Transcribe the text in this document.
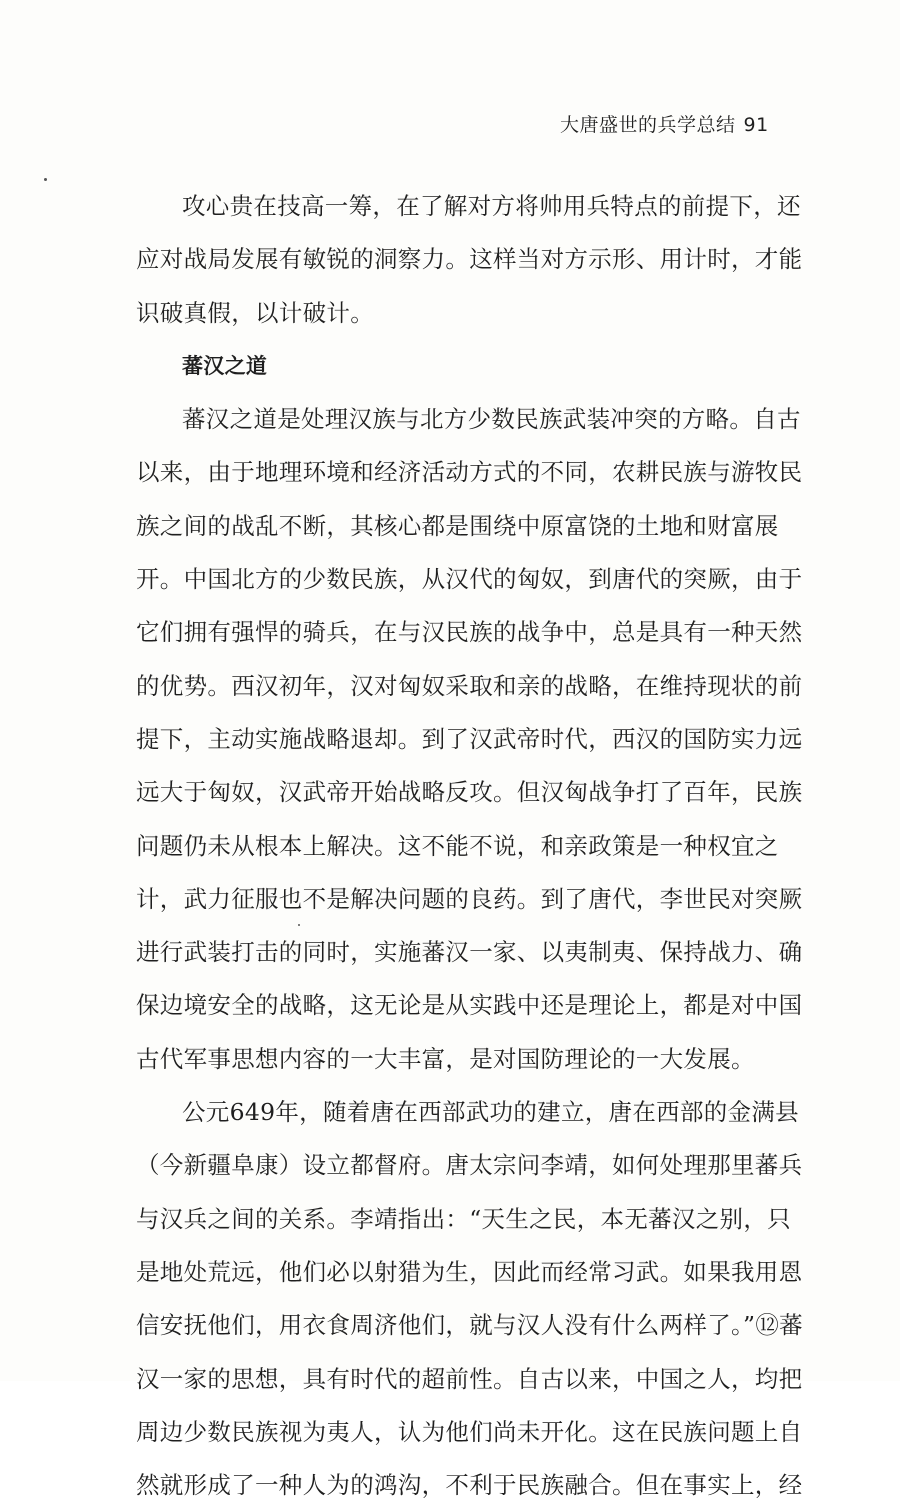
大唐盛世的兵学总结 91
攻心贵在技高一筹，在了解对方将帅用兵特点的前提下，还
应对战局发展有敏锐的洞察力。这样当对方示形、用计时，才能
识破真假，以计破计。
蕃汉之道
蕃汉之道是处理汉族与北方少数民族武装冲突的方略。自古
以来，由于地理环境和经济活动方式的不同，农耕民族与游牧民
族之间的战乱不断，其核心都是围绕中原富饶的土地和财富展
开。中国北方的少数民族，从汉代的匈奴，到唐代的突厥，由于
它们拥有强悍的骑兵，在与汉民族的战争中，总是具有一种天然
的优势。西汉初年，汉对匈奴采取和亲的战略，在维持现状的前
提下，主动实施战略退却。到了汉武帝时代，西汉的国防实力远
远大于匈奴，汉武帝开始战略反攻。但汉匈战争打了百年，民族
问题仍未从根本上解决。这不能不说，和亲政策是一种权宜之
计，武力征服也不是解决问题的良药。到了唐代，李世民对突厥
进行武装打击的同时，实施蕃汉一家、以夷制夷、保持战力、确
保边境安全的战略，这无论是从实践中还是理论上，都是对中国
古代军事思想内容的一大丰富，是对国防理论的一大发展。
公元649年，随着唐在西部武功的建立，唐在西部的金满县
（今新疆阜康）设立都督府。唐太宗问李靖，如何处理那里蕃兵
与汉兵之间的关系。李靖指出：“天生之民，本无蕃汉之别，只
是地处荒远，他们必以射猎为生，因此而经常习武。如果我用恩
信安抚他们，用衣食周济他们，就与汉人没有什么两样了。”⑫蕃
汉一家的思想，具有时代的超前性。自古以来，中国之人，均把
周边少数民族视为夷人，认为他们尚未开化。这在民族问题上自
然就形成了一种人为的鸿沟，不利于民族融合。但在事实上，经
